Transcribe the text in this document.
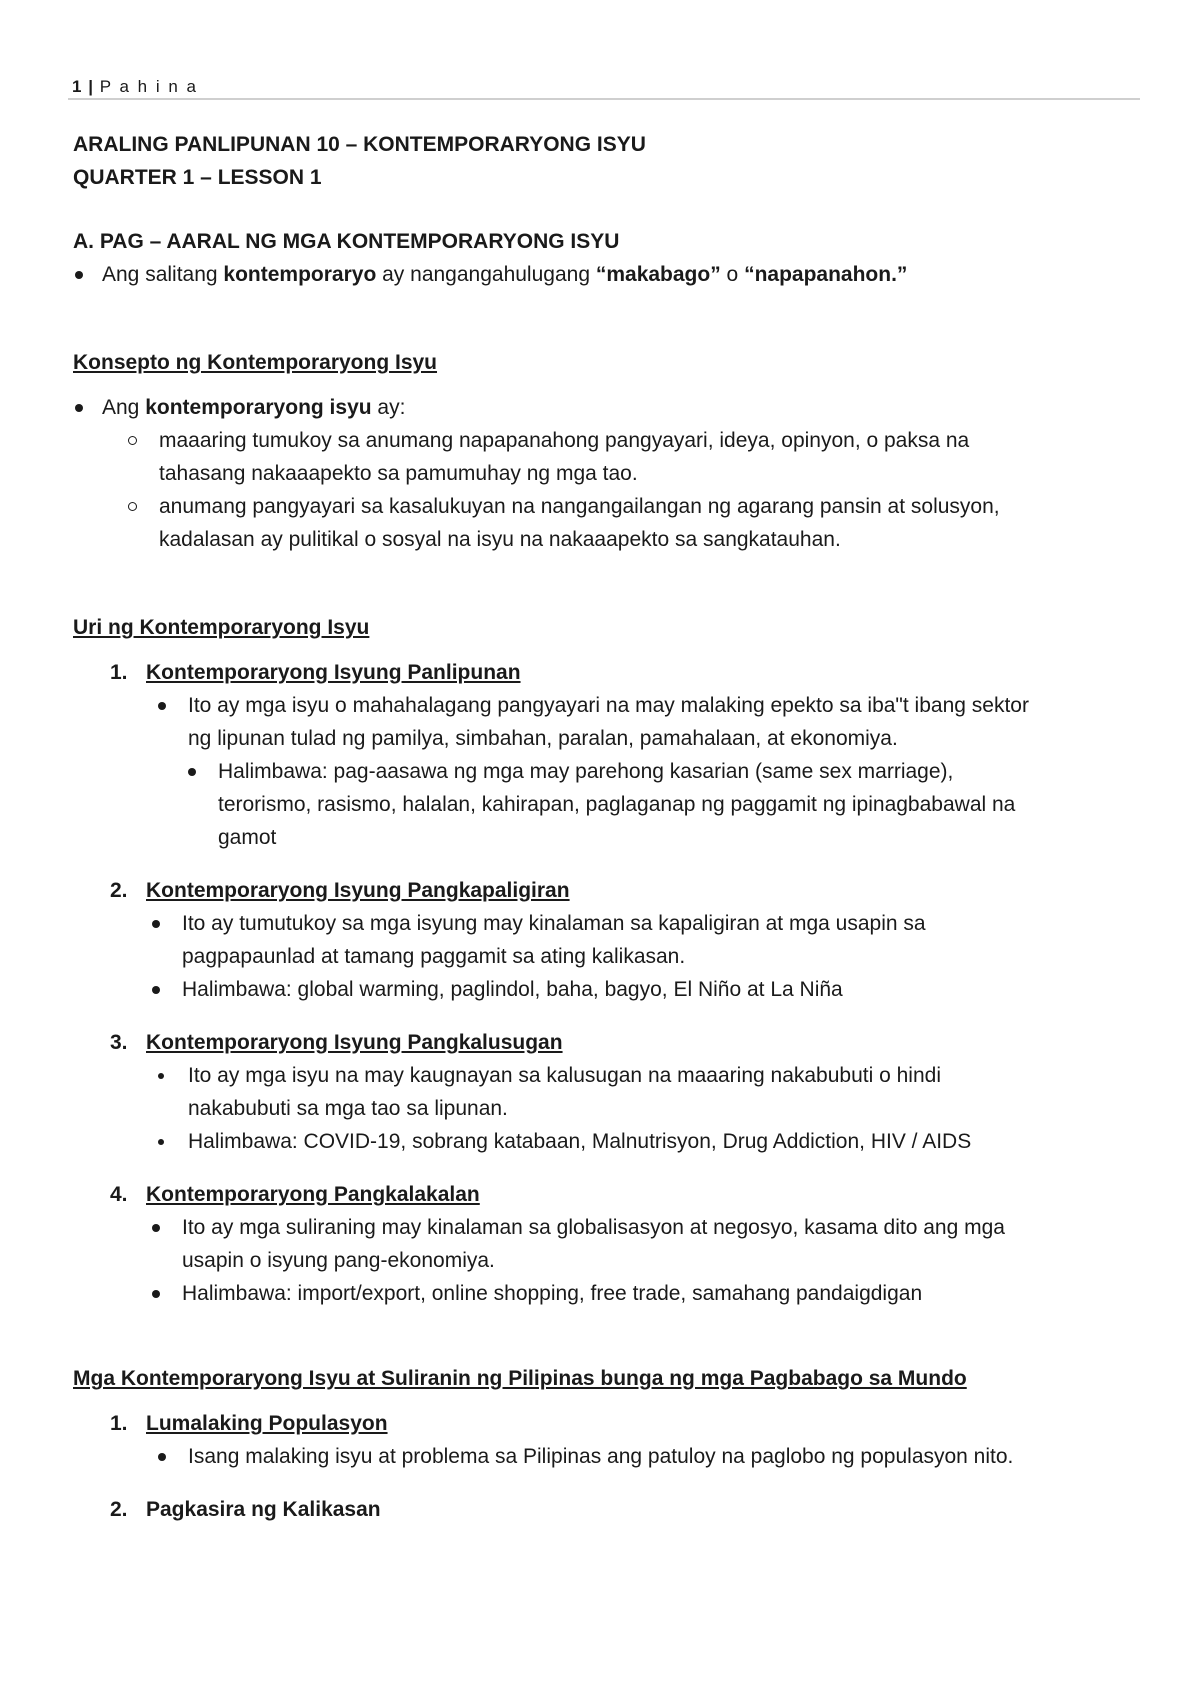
1 | P a h i n a
ARALING PANLIPUNAN 10 – KONTEMPORARYONG ISYU
QUARTER 1 – LESSON 1
A. PAG – AARAL NG MGA KONTEMPORARYONG ISYU
Ang salitang kontemporaryo ay nangangahulugang “makabago” o “napapanahon.”
Konsepto ng Kontemporaryong Isyu
Ang kontemporaryong isyu ay:
maaaring tumukoy sa anumang napapanahong pangyayari, ideya, opinyon, o paksa na
tahasang nakaaapekto sa pamumuhay ng mga tao.
anumang pangyayari sa kasalukuyan na nangangailangan ng agarang pansin at solusyon,
kadalasan ay pulitikal o sosyal na isyu na nakaaapekto sa sangkatauhan.
Uri ng Kontemporaryong Isyu
1. Kontemporaryong Isyung Panlipunan
Ito ay mga isyu o mahahalagang pangyayari na may malaking epekto sa iba"t ibang sektor
ng lipunan tulad ng pamilya, simbahan, paralan, pamahalaan, at ekonomiya.
Halimbawa: pag-aasawa ng mga may parehong kasarian (same sex marriage),
terorismo, rasismo, halalan, kahirapan, paglaganap ng paggamit ng ipinagbabawal na
gamot
2. Kontemporaryong Isyung Pangkapaligiran
Ito ay tumutukoy sa mga isyung may kinalaman sa kapaligiran at mga usapin sa
pagpapaunlad at tamang paggamit sa ating kalikasan.
Halimbawa: global warming, paglindol, baha, bagyo, El Niño at La Niña
3. Kontemporaryong Isyung Pangkalusugan
Ito ay mga isyu na may kaugnayan sa kalusugan na maaaring nakabubuti o hindi
nakabubuti sa mga tao sa lipunan.
Halimbawa: COVID-19, sobrang katabaan, Malnutrisyon, Drug Addiction, HIV / AIDS
4. Kontemporaryong Pangkalakalan
Ito ay mga suliraning may kinalaman sa globalisasyon at negosyo, kasama dito ang mga
usapin o isyung pang-ekonomiya.
Halimbawa: import/export, online shopping, free trade, samahang pandaigdigan
Mga Kontemporaryong Isyu at Suliranin ng Pilipinas bunga ng mga Pagbabago sa Mundo
1. Lumalaking Populasyon
Isang malaking isyu at problema sa Pilipinas ang patuloy na paglobo ng populasyon nito.
2. Pagkasira ng Kalikasan
